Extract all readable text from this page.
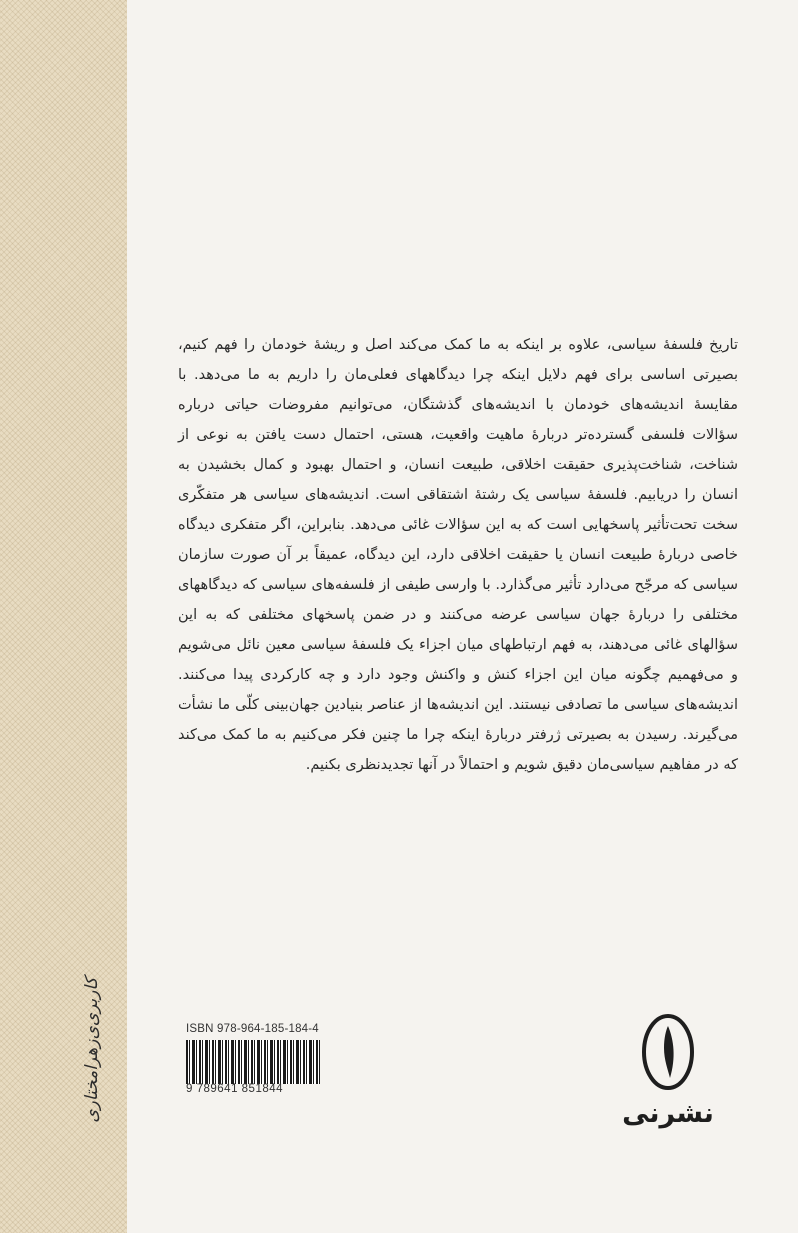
کاربری‌ی‌زهرا‌‌مختاری
تاریخ فلسفهٔ سیاسی، علاوه بر اینکه به ما کمک می‌کند اصل و ریشهٔ خودمان را فهم کنیم، بصیرتی اساسی برای فهم دلایل اینکه چرا دیدگاههای فعلی‌مان را داریم به ما می‌دهد. با مقایسهٔ اندیشه‌های خودمان با اندیشه‌های گذشتگان، می‌توانیم مفروضات حیاتی درباره سؤالات فلسفی گسترده‌تر دربارهٔ ماهیت واقعیت، هستی، احتمال دست یافتن به نوعی از شناخت، شناخت‌پذیری حقیقت اخلاقی، طبیعت انسان، و احتمال بهبود و کمال بخشیدن به انسان را دریابیم. فلسفهٔ سیاسی یک رشتهٔ اشتقاقی است. اندیشه‌های سیاسی هر متفکّری سخت تحت‌تأثیر پاسخهایی است که به این سؤالات غائی می‌دهد. بنابراین، اگر متفکری دیدگاه خاصی دربارهٔ طبیعت انسان یا حقیقت اخلاقی دارد، این دیدگاه، عمیقاً بر آن صورت سازمان سیاسی که مرجّح می‌دارد تأثیر می‌گذارد. با وارسی طیفی از فلسفه‌های سیاسی که دیدگاههای مختلفی را دربارهٔ جهان سیاسی عرضه می‌کنند و در ضمن پاسخهای مختلفی که به این سؤالهای غائی می‌دهند، به فهم ارتباطهای میان اجزاء یک فلسفهٔ سیاسی معین نائل می‌شویم و می‌فهمیم چگونه میان این اجزاء کنش و واکنش وجود دارد و چه کارکردی پیدا می‌کنند. اندیشه‌های سیاسی ما تصادفی نیستند. این اندیشه‌ها از عناصر بنیادین جهان‌بینی کلّی ما نشأت می‌گیرند. رسیدن به بصیرتی ژرفتر دربارهٔ اینکه چرا ما چنین فکر می‌کنیم به ما کمک می‌کند که در مفاهیم سیاسی‌مان دقیق شویم و احتمالاً در آنها تجدیدنظری بکنیم.
ISBN 978-964-185-184-4
9 789641 851844
نشرنی
